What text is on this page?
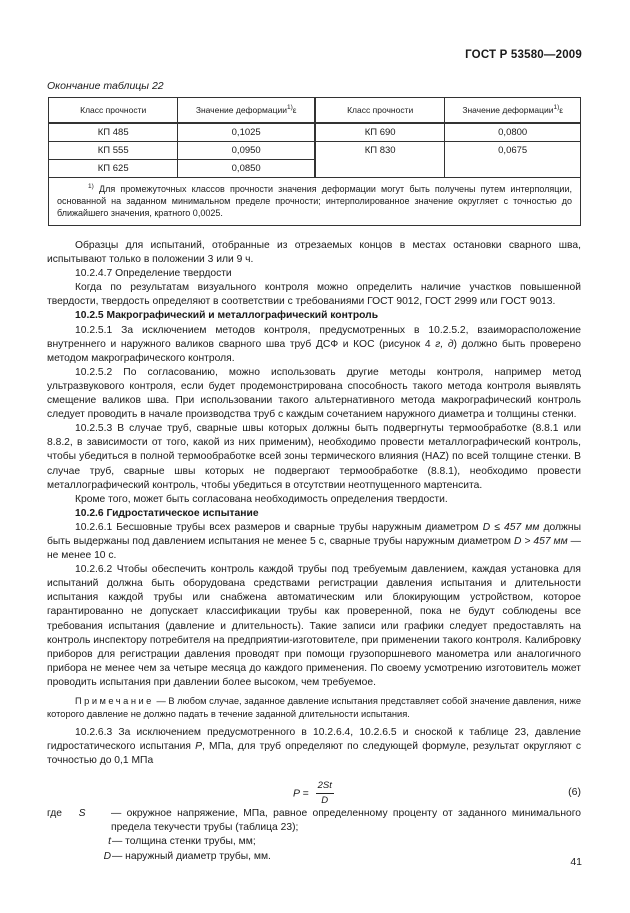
ГОСТ Р 53580—2009
Окончание таблицы 22
Класс прочности	Значение деформации$^{1)}$ε	Класс прочности	Значение деформации$^{1)}$ε
КП 485	0,1025	КП 690	0,0800
КП 555	0,0950	КП 830	0,0675
КП 625	0,0850		
$^{1)}$ Для промежуточных классов прочности значения деформации могут быть получены путем интерполяции, основанной на заданном минимальном пределе прочности; интерполированное значение округляет с точностью до ближайшего значения, кратного 0,0025.			

Образцы для испытаний, отобранные из отрезаемых концов в местах остановки сварного шва, испытывают только в положении 3 или 9 ч.

10.2.4.7 Определение твердости

Когда по результатам визуального контроля можно определить наличие участков повышенной твердости, твердость определяют в соответствии с требованиями ГОСТ 9012, ГОСТ 2999 или ГОСТ 9013.

10.2.5 Макрографический и металлографический контроль

10.2.5.1 За исключением методов контроля, предусмотренных в 10.2.5.2, взаиморасположение внутреннего и наружного валиков сварного шва труб ДСФ и КОС (рисунок 4 г, д) должно быть проверено методом макрографического контроля.

10.2.5.2 По согласованию, можно использовать другие методы контроля, например метод ультразвукового контроля, если будет продемонстрирована способность такого метода контроля выявлять смещение валиков шва. При использовании такого альтернативного метода макрографический контроль следует проводить в начале производства труб с каждым сочетанием наружного диаметра и толщины стенки.

10.2.5.3 В случае труб, сварные швы которых должны быть подвергнуты термообработке (8.8.1 или 8.8.2, в зависимости от того, какой из них применим), необходимо провести металлографический контроль, чтобы убедиться в полной термообработке всей зоны термического влияния (HAZ) по всей толщине стенки. В случае труб, сварные швы которых не подвергают термообработке (8.8.1), необходимо провести металлографический контроль, чтобы убедиться в отсутствии неотпущенного мартенсита.

Кроме того, может быть согласована необходимость определения твердости.

10.2.6 Гидростатическое испытание

10.2.6.1 Бесшовные трубы всех размеров и сварные трубы наружным диаметром D ≤ 457 мм должны быть выдержаны под давлением испытания не менее 5 с, сварные трубы наружным диаметром D > 457 мм — не менее 10 с.

10.2.6.2 Чтобы обеспечить контроль каждой трубы под требуемым давлением, каждая установка для испытаний должна быть оборудована средствами регистрации давления испытания и длительности испытания каждой трубы или снабжена автоматическим или блокирующим устройством, которое гарантированно не допускает классификации трубы как проверенной, пока не будут соблюдены все требования испытания (давление и длительность). Такие записи или графики следует предоставлять на контроль инспектору потребителя на предприятии-изготовителе, при применении такого контроля. Калибровку приборов для регистрации давления проводят при помощи грузопоршневого манометра или аналогичного прибора не менее чем за четыре месяца до каждого применения. По своему усмотрению изготовитель может проводить испытания при давлении более высоком, чем требуемое.

Примечание — В любом случае, заданное давление испытания представляет собой значение давления, ниже которого давление не должно падать в течение заданной длительности испытания.

10.2.6.3 За исключением предусмотренного в 10.2.6.4, 10.2.6.5 и сноской к таблице 23, давление гидростатического испытания P, МПа, для труб определяют по следующей формуле, результат округляют с точностью до 0,1 МПа

$P = \frac{2St}{D}$	(6)
где S	— окружное напряжение, МПа, равное определенному проценту от заданного минимального предела текучести трубы (таблица 23);
t — толщина стенки трубы, мм;
D — наружный диаметр трубы, мм.	41
